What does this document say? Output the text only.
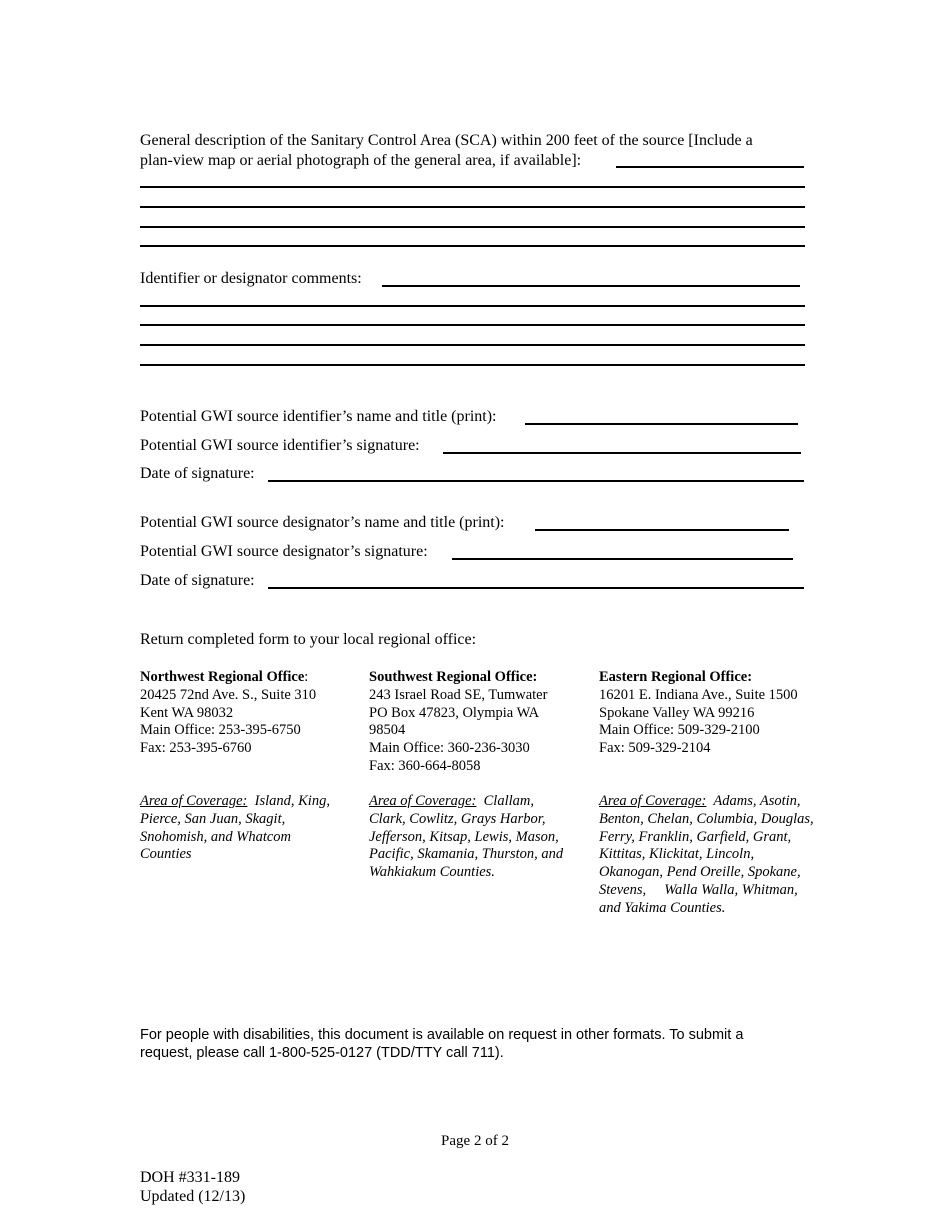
General description of the Sanitary Control Area (SCA) within 200 feet of the source [Include a
plan-view map or aerial photograph of the general area, if available]:
Identifier or designator comments:
Potential GWI source identifier’s name and title (print):
Potential GWI source identifier’s signature:
Date of signature:
Potential GWI source designator’s name and title (print):
Potential GWI source designator’s signature:
Date of signature:
Return completed form to your local regional office:
Northwest Regional Office:
20425 72nd Ave. S., Suite 310
Kent WA 98032
Main Office: 253-395-6750
Fax: 253-395-6760
Southwest Regional Office:
243 Israel Road SE, Tumwater
PO Box 47823, Olympia WA
98504
Main Office: 360-236-3030
Fax: 360-664-8058
Eastern Regional Office:
16201 E. Indiana Ave., Suite 1500
Spokane Valley WA 99216
Main Office: 509-329-2100
Fax: 509-329-2104
Area of Coverage: Island, King,
Pierce, San Juan, Skagit,
Snohomish, and Whatcom
Counties
Area of Coverage: Clallam,
Clark, Cowlitz, Grays Harbor,
Jefferson, Kitsap, Lewis, Mason,
Pacific, Skamania, Thurston, and
Wahkiakum Counties.
Area of Coverage: Adams, Asotin,
Benton, Chelan, Columbia, Douglas,
Ferry, Franklin, Garfield, Grant,
Kittitas, Klickitat, Lincoln,
Okanogan, Pend Oreille, Spokane,
Stevens,     Walla Walla, Whitman,
and Yakima Counties.
For people with disabilities, this document is available on request in other formats. To submit a
request, please call 1-800-525-0127 (TDD/TTY call 711).
Page 2 of 2
DOH #331-189
Updated (12/13)
